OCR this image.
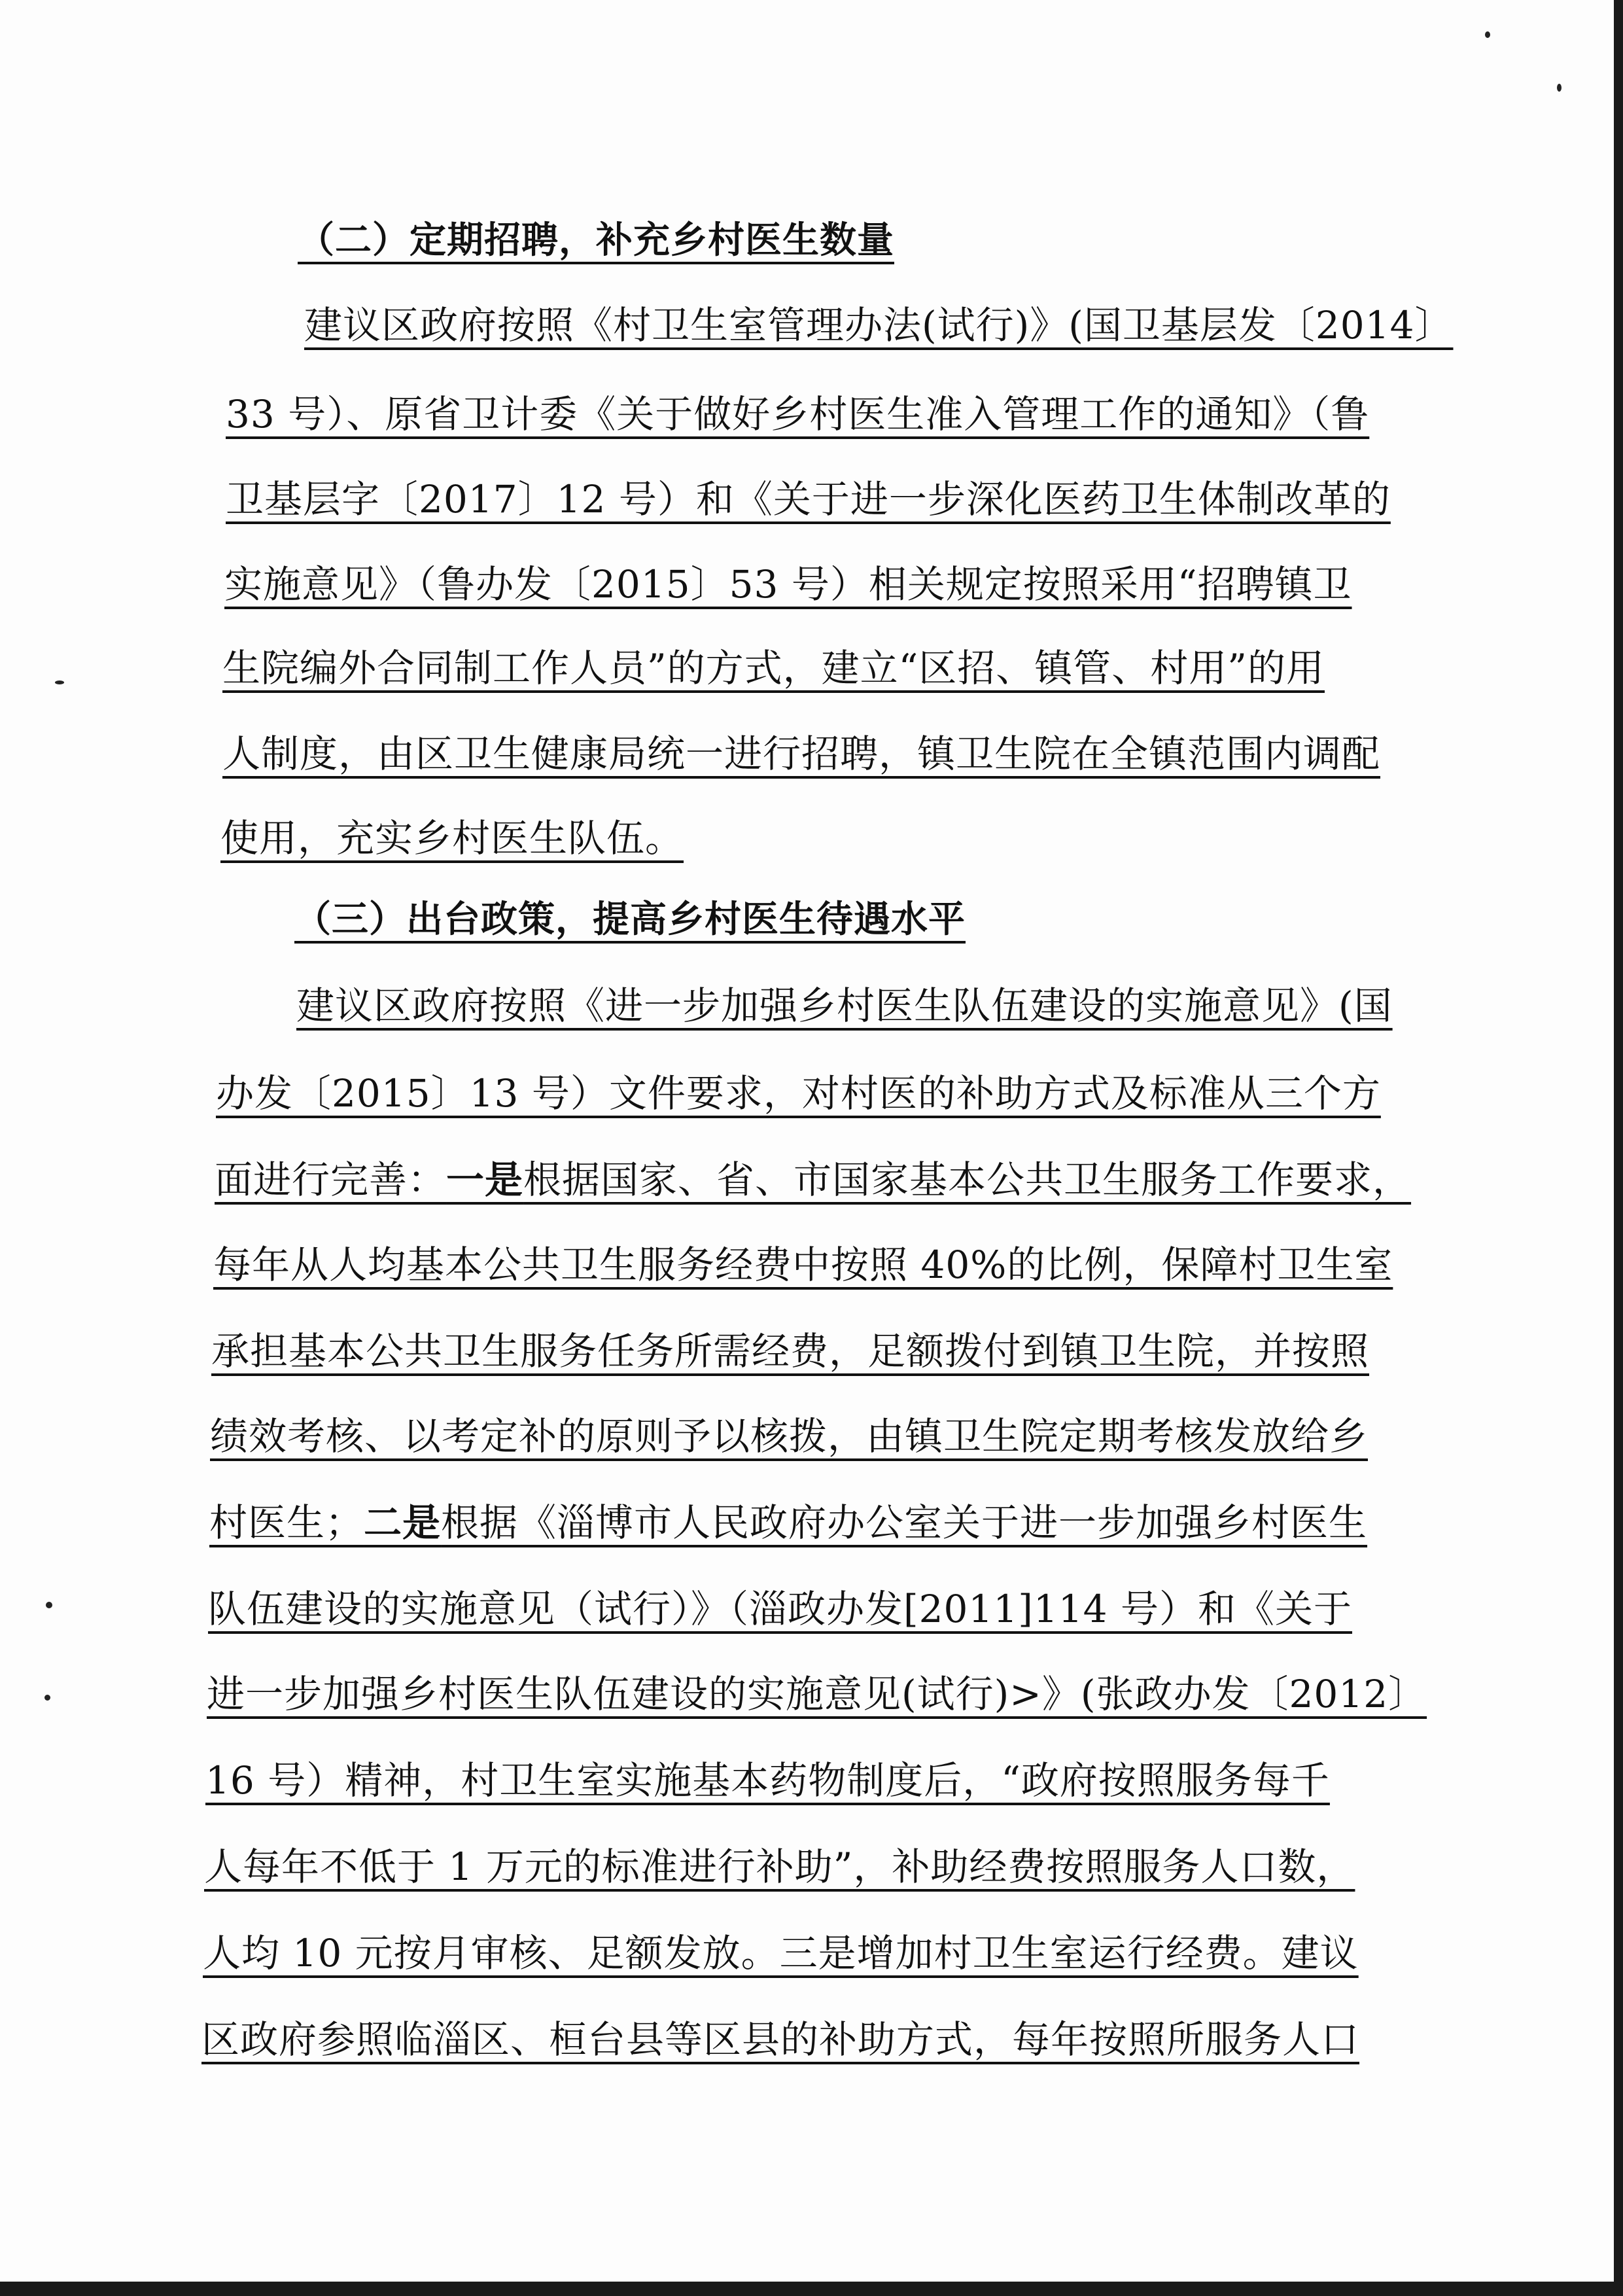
（二）定期招聘，补充乡村医生数量
建议区政府按照《村卫生室管理办法(试行)》(国卫基层发〔2014〕
33 号）、原省卫计委《关于做好乡村医生准入管理工作的通知》（鲁
卫基层字〔2017〕12 号）和《关于进一步深化医药卫生体制改革的
实施意见》（鲁办发〔2015〕53 号）相关规定按照采用“招聘镇卫
生院编外合同制工作人员”的方式，建立“区招、镇管、村用”的用
人制度，由区卫生健康局统一进行招聘，镇卫生院在全镇范围内调配
使用，充实乡村医生队伍。
（三）出台政策，提高乡村医生待遇水平
建议区政府按照《进一步加强乡村医生队伍建设的实施意见》(国
办发〔2015〕13 号）文件要求，对村医的补助方式及标准从三个方
面进行完善：一是根据国家、省、市国家基本公共卫生服务工作要求，
每年从人均基本公共卫生服务经费中按照 40%的比例，保障村卫生室
承担基本公共卫生服务任务所需经费，足额拨付到镇卫生院，并按照
绩效考核、以考定补的原则予以核拨，由镇卫生院定期考核发放给乡
村医生；二是根据《淄博市人民政府办公室关于进一步加强乡村医生
队伍建设的实施意见（试行）》（淄政办发[2011]114 号）和《关于
进一步加强乡村医生队伍建设的实施意见(试行)>》(张政办发〔2012〕
16 号）精神，村卫生室实施基本药物制度后，“政府按照服务每千
人每年不低于 1 万元的标准进行补助”，补助经费按照服务人口数，
人均 10 元按月审核、足额发放。三是增加村卫生室运行经费。建议
区政府参照临淄区、桓台县等区县的补助方式，每年按照所服务人口
